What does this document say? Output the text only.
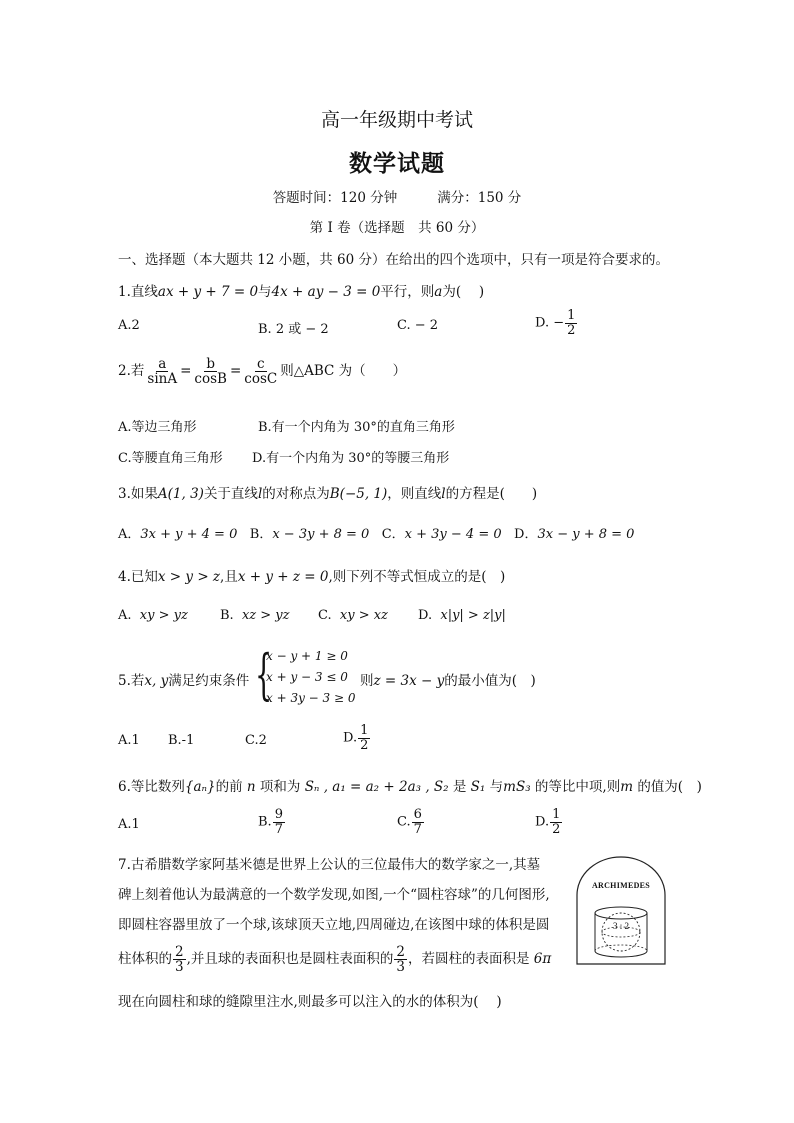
高一年级期中考试
数学试题
答题时间：120 分钟	满分：150 分
第 I 卷（选择题　共 60 分）
一、选择题（本大题共 12 小题，共 60 分）在给出的四个选项中，只有一项是符合要求的。
1.直线ax + y + 7 = 0与4x + ay − 3 = 0平行，则a为(　 )
A.2	B. 2 或 − 2	C. − 2	D. − $\frac{1}{2}$
2.若 $\frac{a}{\sin A} = \frac{b}{\cos B} = \frac{c}{\cos C}$ 则△ABC 为（　　）
A.等边三角形	B.有一个内角为 30°的直角三角形
C.等腰直角三角形 D.有一个内角为 30°的等腰三角形
3.如果A(1, 3)关于直线l的对称点为B(−5, 1)，则直线l的方程是(　　)
A．3x + y + 4 = 0 B．x − 3y + 8 = 0 C．x + 3y − 4 = 0 D．3x − y + 8 = 0
4.已知x > y > z,且x + y + z = 0,则下列不等式恒成立的是(　)
A. xy > yz B. xz > yz C. xy > xz D. x|y| > z|y|
5.若x, y满足约束条件 {
x − y + 1 ≥ 0
x + y − 3 ≤ 0
x + 3y − 3 ≥ 0
则z = 3x − y的最小值为(　)
A.1 B.-1	C.2	D. $\frac{1}{2}$
6.等比数列{aₙ}的前 n 项和为 Sₙ , a₁ = a₂ + 2a₃ , S₂ 是 S₁ 与mS₃ 的等比中项,则m 的值为(　)
A.1	B. $\frac{9}{7}$	C. $\frac{6}{7}$	D. $\frac{1}{2}$
7.古希腊数学家阿基米德是世界上公认的三位最伟大的数学家之一,其墓
碑上刻着他认为最满意的一个数学发现,如图,一个“圆柱容球”的几何图形,
即圆柱容器里放了一个球,该球顶天立地,四周碰边,在该图中球的体积是圆
柱体积的 $\frac{2}{3}$ ,并且球的表面积也是圆柱表面积的 $\frac{2}{3}$ ，若圆柱的表面积是 6π
现在向圆柱和球的缝隙里注水,则最多可以注入的水的体积为(　 )
ARCHIMEDES
3 : 2
